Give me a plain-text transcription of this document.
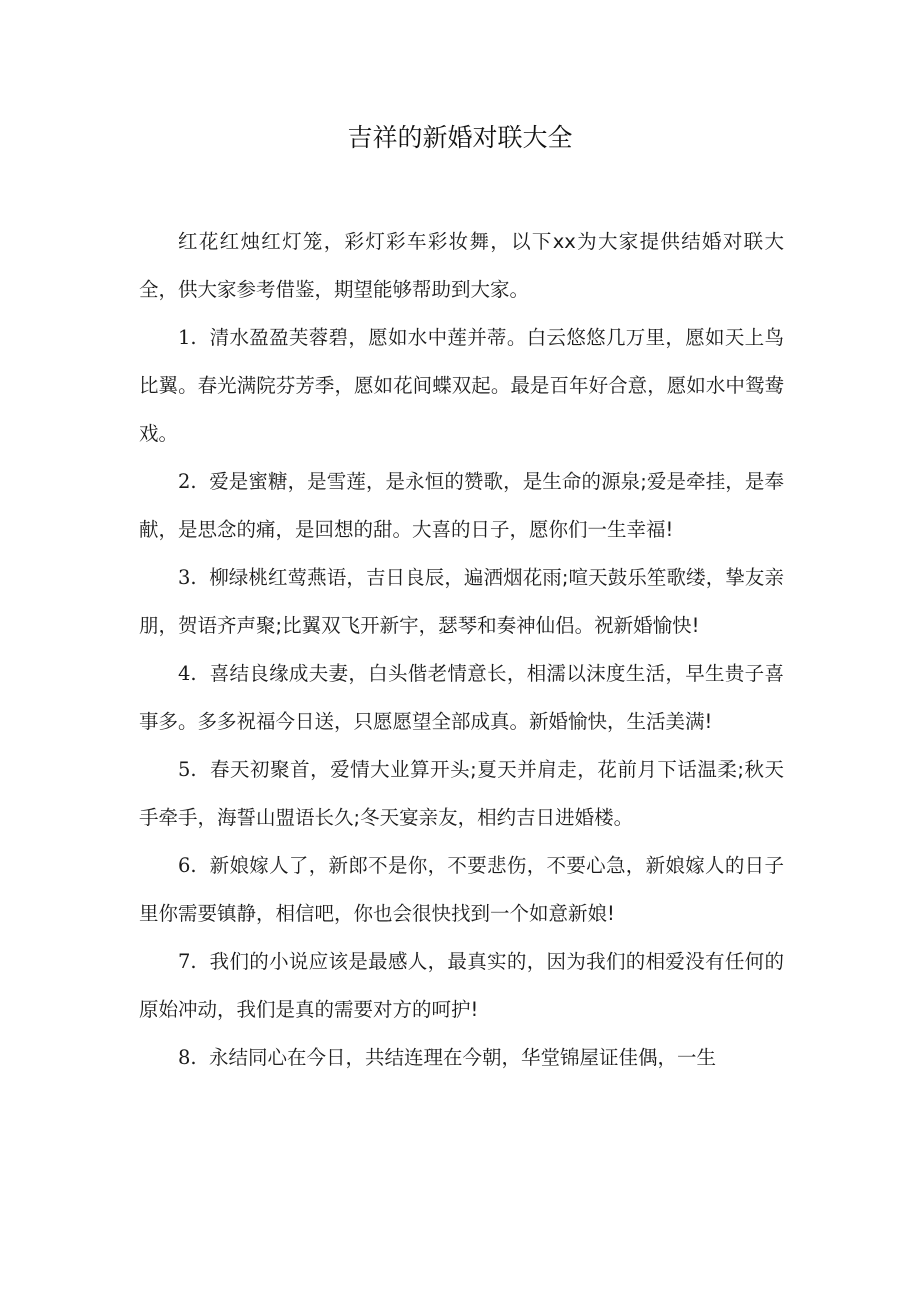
吉祥的新婚对联大全

红花红烛红灯笼，彩灯彩车彩妆舞，以下xx为大家提供结婚对联大全，供大家参考借鉴，期望能够帮助到大家。

1. 清水盈盈芙蓉碧，愿如水中莲并蒂。白云悠悠几万里，愿如天上鸟比翼。春光满院芬芳季，愿如花间蝶双起。最是百年好合意，愿如水中鸳鸯戏。

2. 爱是蜜糖，是雪莲，是永恒的赞歌，是生命的源泉;爱是牵挂，是奉献，是思念的痛，是回想的甜。大喜的日子，愿你们一生幸福!

3. 柳绿桃红莺燕语，吉日良辰，遍洒烟花雨;喧天鼓乐笙歌缕，挚友亲朋，贺语齐声聚;比翼双飞开新宇，瑟琴和奏神仙侣。祝新婚愉快!

4. 喜结良缘成夫妻，白头偕老情意长，相濡以沫度生活，早生贵子喜事多。多多祝福今日送，只愿愿望全部成真。新婚愉快，生活美满!

5. 春天初聚首，爱情大业算开头;夏天并肩走，花前月下话温柔;秋天手牵手，海誓山盟语长久;冬天宴亲友，相约吉日进婚楼。

6. 新娘嫁人了，新郎不是你，不要悲伤，不要心急，新娘嫁人的日子里你需要镇静，相信吧，你也会很快找到一个如意新娘!

7. 我们的小说应该是最感人，最真实的，因为我们的相爱没有任何的原始冲动，我们是真的需要对方的呵护!

8. 永结同心在今日，共结连理在今朝，华堂锦屋证佳偶，一生
